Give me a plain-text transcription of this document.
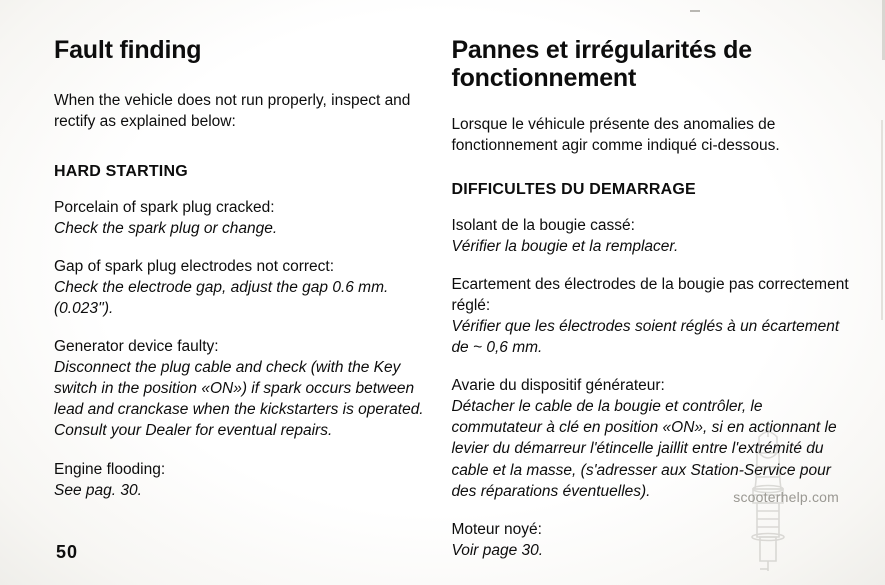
Fault finding

When the vehicle does not run properly, inspect and rectify as explained below:

HARD STARTING

Porcelain of spark plug cracked:

Check the spark plug or change.

Gap of spark plug electrodes not correct:

Check the electrode gap, adjust the gap 0.6 mm. (0.023'').

Generator device faulty:

Disconnect the plug cable and check (with the Key switch in the position «ON») if spark occurs between lead and cranckase when the kickstarters is operated. Consult your Dealer for eventual repairs.

Engine flooding:

See pag. 30.

Pannes et irrégularités de fonctionnement

Lorsque le véhicule présente des anomalies de fonctionnement agir comme indiqué ci-dessous.

DIFFICULTES DU DEMARRAGE

Isolant de la bougie cassé:

Vérifier la bougie et la remplacer.

Ecartement des électrodes de la bougie pas correctement réglé:

Vérifier que les électrodes soient réglés à un écartement de ~ 0,6 mm.

Avarie du dispositif générateur:

Détacher le cable de la bougie et contrôler, le commutateur à clé en position «ON», si en actionnant le levier du démarreur l'étincelle jaillit entre l'extrémité du cable et la masse, (s'adresser aux Station-Service pour des réparations éventuelles).

Moteur noyé:

Voir page 30.

50
scooterhelp.com
